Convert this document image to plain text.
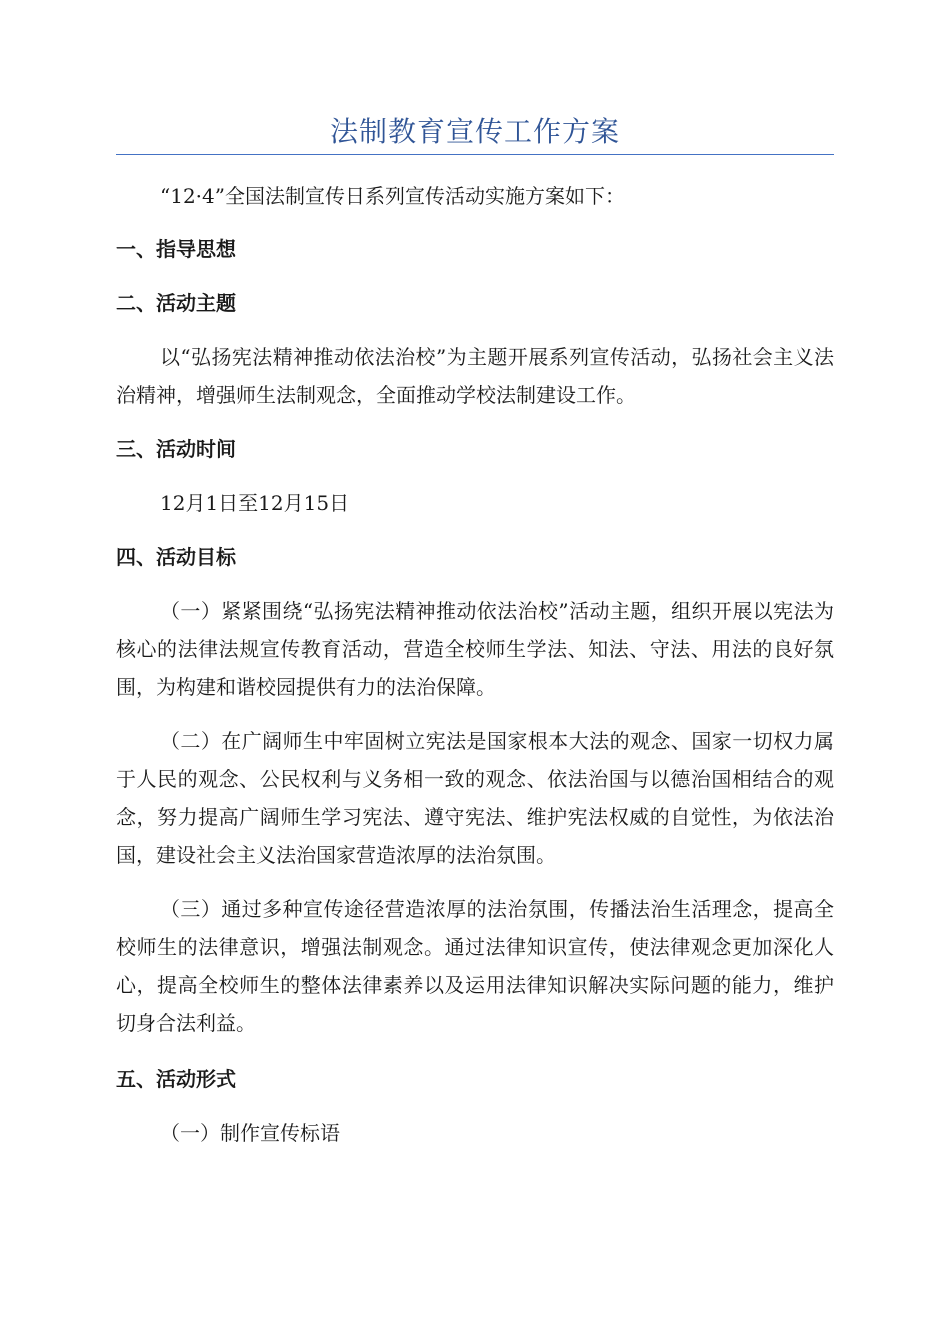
法制教育宣传工作方案

“12·4”全国法制宣传日系列宣传活动实施方案如下：

一、指导思想

二、活动主题

以“弘扬宪法精神推动依法治校”为主题开展系列宣传活动，弘扬社会主义法治精神，增强师生法制观念，全面推动学校法制建设工作。

三、活动时间

12月1日至12月15日

四、活动目标

（一）紧紧围绕“弘扬宪法精神推动依法治校”活动主题，组织开展以宪法为核心的法律法规宣传教育活动，营造全校师生学法、知法、守法、用法的良好氛围，为构建和谐校园提供有力的法治保障。

（二）在广阔师生中牢固树立宪法是国家根本大法的观念、国家一切权力属于人民的观念、公民权利与义务相一致的观念、依法治国与以德治国相结合的观念，努力提高广阔师生学习宪法、遵守宪法、维护宪法权威的自觉性，为依法治国，建设社会主义法治国家营造浓厚的法治氛围。

（三）通过多种宣传途径营造浓厚的法治氛围，传播法治生活理念，提高全校师生的法律意识，增强法制观念。通过法律知识宣传，使法律观念更加深化人心，提高全校师生的整体法律素养以及运用法律知识解决实际问题的能力，维护切身合法利益。

五、活动形式

（一）制作宣传标语
